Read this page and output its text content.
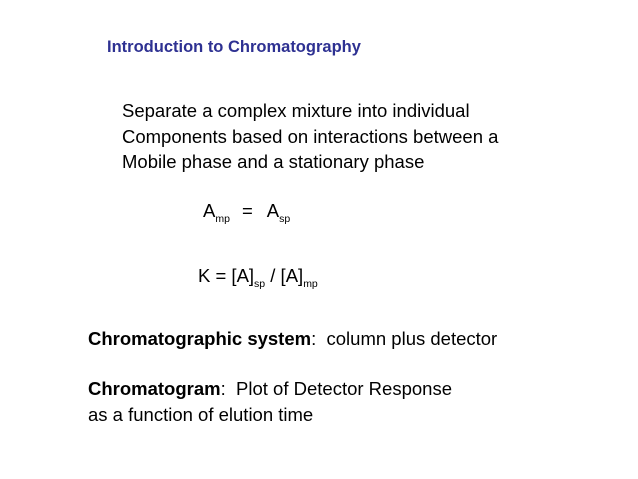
Introduction to Chromatography
Separate a complex mixture into individual
Components based on interactions between a
Mobile phase and a stationary phase
$A_{mp} = A_{sp}$
$K = [A]_{sp} / [A]_{mp}$
Chromatographic system:  column plus detector
Chromatogram:  Plot of Detector Response
as a function of elution time
